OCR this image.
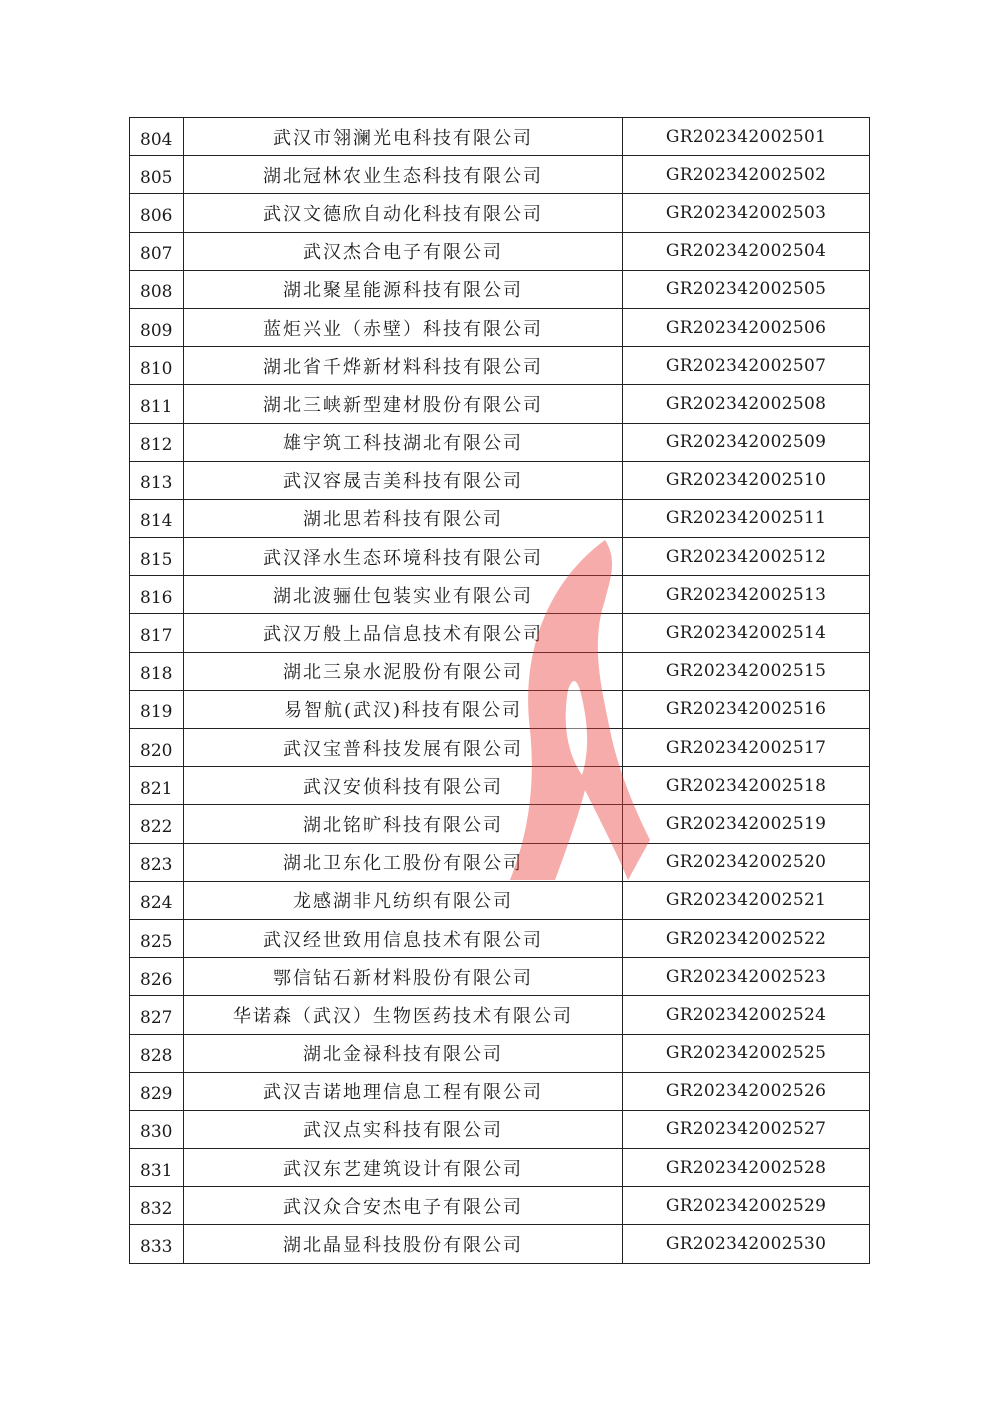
804	武汉市翎澜光电科技有限公司	GR202342002501
805	湖北冠林农业生态科技有限公司	GR202342002502
806	武汉文德欣自动化科技有限公司	GR202342002503
807	武汉杰合电子有限公司	GR202342002504
808	湖北聚星能源科技有限公司	GR202342002505
809	蓝炬兴业（赤壁）科技有限公司	GR202342002506
810	湖北省千烨新材料科技有限公司	GR202342002507
811	湖北三峡新型建材股份有限公司	GR202342002508
812	雄宇筑工科技湖北有限公司	GR202342002509
813	武汉容晟吉美科技有限公司	GR202342002510
814	湖北思若科技有限公司	GR202342002511
815	武汉泽水生态环境科技有限公司	GR202342002512
816	湖北波骊仕包装实业有限公司	GR202342002513
817	武汉万般上品信息技术有限公司	GR202342002514
818	湖北三泉水泥股份有限公司	GR202342002515
819	易智航(武汉)科技有限公司	GR202342002516
820	武汉宝普科技发展有限公司	GR202342002517
821	武汉安侦科技有限公司	GR202342002518
822	湖北铭旷科技有限公司	GR202342002519
823	湖北卫东化工股份有限公司	GR202342002520
824	龙感湖非凡纺织有限公司	GR202342002521
825	武汉经世致用信息技术有限公司	GR202342002522
826	鄂信钻石新材料股份有限公司	GR202342002523
827	华诺森（武汉）生物医药技术有限公司	GR202342002524
828	湖北金禄科技有限公司	GR202342002525
829	武汉吉诺地理信息工程有限公司	GR202342002526
830	武汉点实科技有限公司	GR202342002527
831	武汉东艺建筑设计有限公司	GR202342002528
832	武汉众合安杰电子有限公司	GR202342002529
833	湖北晶显科技股份有限公司	GR202342002530
